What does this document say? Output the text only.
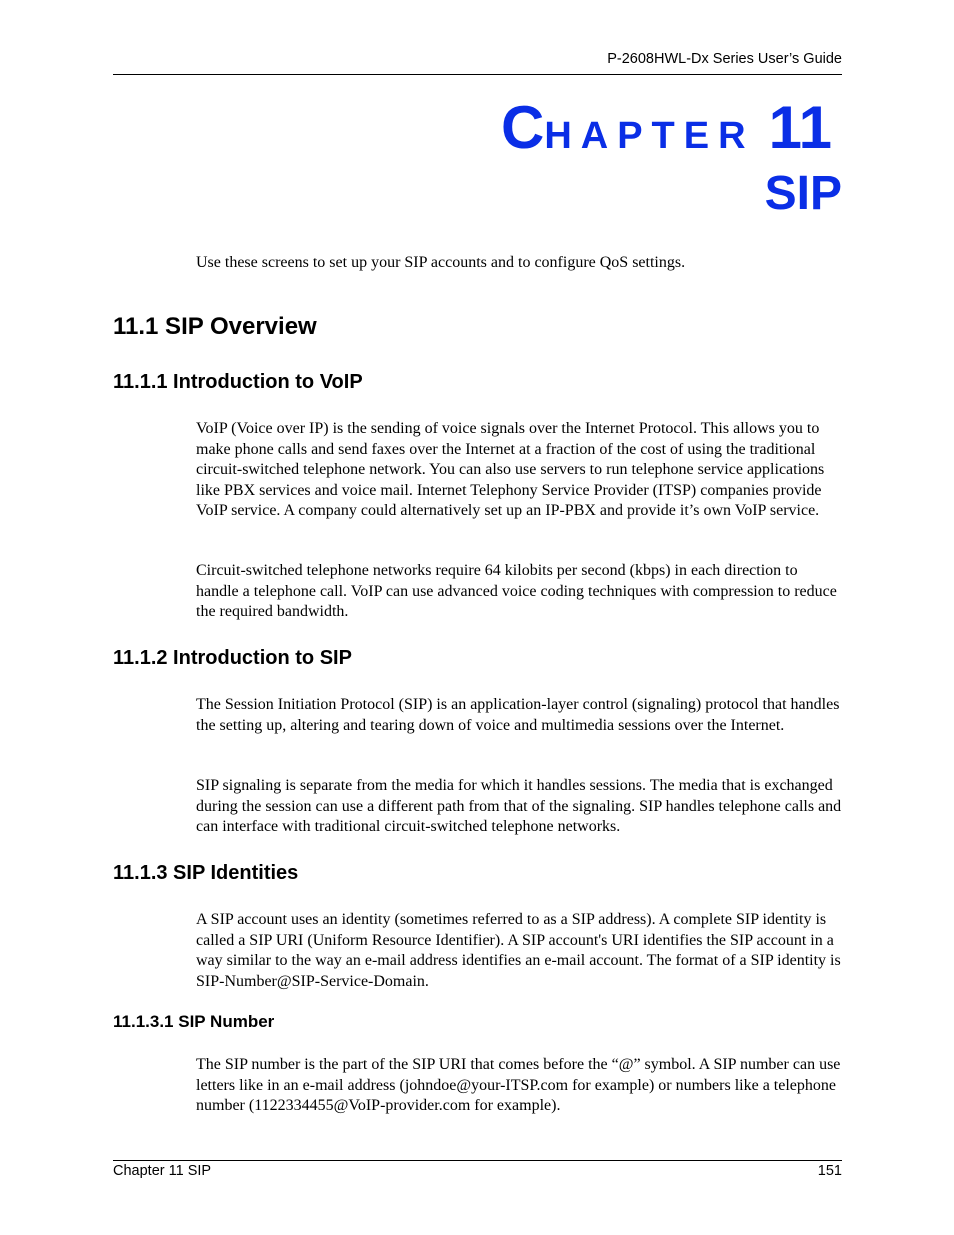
P-2608HWL-Dx Series User’s Guide
CHAPTER 11
SIP

Use these screens to set up your SIP accounts and to configure QoS settings.

11.1 SIP Overview
11.1.1 Introduction to VoIP

VoIP (Voice over IP) is the sending of voice signals over the Internet Protocol. This allows you to make phone calls and send faxes over the Internet at a fraction of the cost of using the traditional circuit-switched telephone network. You can also use servers to run telephone service applications like PBX services and voice mail. Internet Telephony Service Provider (ITSP) companies provide VoIP service. A company could alternatively set up an IP-PBX and provide it’s own VoIP service.

Circuit-switched telephone networks require 64 kilobits per second (kbps) in each direction to handle a telephone call. VoIP can use advanced voice coding techniques with compression to reduce the required bandwidth.

11.1.2 Introduction to SIP

The Session Initiation Protocol (SIP) is an application-layer control (signaling) protocol that handles the setting up, altering and tearing down of voice and multimedia sessions over the Internet.

SIP signaling is separate from the media for which it handles sessions. The media that is exchanged during the session can use a different path from that of the signaling. SIP handles telephone calls and can interface with traditional circuit-switched telephone networks.

11.1.3 SIP Identities

A SIP account uses an identity (sometimes referred to as a SIP address). A complete SIP identity is called a SIP URI (Uniform Resource Identifier). A SIP account's URI identifies the SIP account in a way similar to the way an e-mail address identifies an e-mail account. The format of a SIP identity is SIP-Number@SIP-Service-Domain.

11.1.3.1 SIP Number

The SIP number is the part of the SIP URI that comes before the “@” symbol. A SIP number can use letters like in an e-mail address (johndoe@your-ITSP.com for example) or numbers like a telephone number (1122334455@VoIP-provider.com for example).

Chapter 11 SIP	151
